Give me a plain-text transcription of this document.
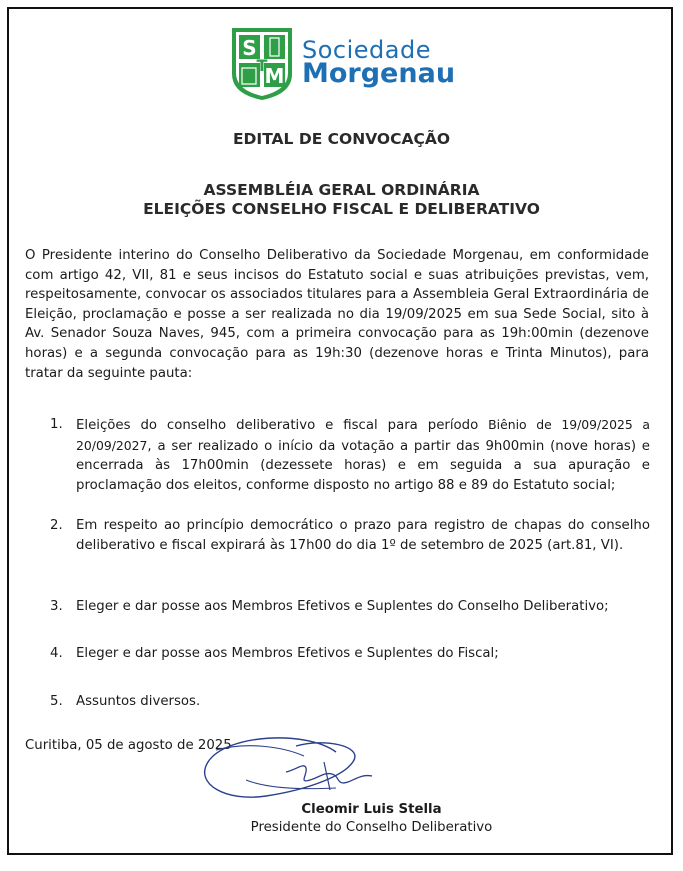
S
T
M
Sociedade
Morgenau
EDITAL DE CONVOCAÇÃO
ASSEMBLÉIA GERAL ORDINÁRIA
ELEIÇÕES CONSELHO FISCAL E DELIBERATIVO

O Presidente interino do Conselho Deliberativo da Sociedade Morgenau, em conformidade com artigo 42, VII, 81 e seus incisos do Estatuto social e suas atribuições previstas, vem, respeitosamente, convocar os associados titulares para a Assembleia Geral Extraordinária de Eleição, proclamação e posse a ser realizada no dia 19/09/2025 em sua Sede Social, sito à Av. Senador Souza Naves, 945, com a primeira convocação para as 19h:00min (dezenove horas) e a segunda convocação para as 19h:30 (dezenove horas e Trinta Minutos), para tratar da seguinte pauta:

1.	Eleições do conselho deliberativo e fiscal para período Biênio de 19/09/2025 a 20/09/2027, a ser realizado o início da votação a partir das 9h00min (nove horas) e encerrada às 17h00min (dezessete horas) e em seguida a sua apuração e proclamação dos eleitos, conforme disposto no artigo 88 e 89 do Estatuto social;
2.	Em respeito ao princípio democrático o prazo para registro de chapas do conselho deliberativo e fiscal expirará às 17h00 do dia 1º de setembro de 2025 (art.81, VI).
3.	Eleger e dar posse aos Membros Efetivos e Suplentes do Conselho Deliberativo;
4.	Eleger e dar posse aos Membros Efetivos e Suplentes do Fiscal;
5.	Assuntos diversos.
Curitiba, 05 de agosto de 2025
Cleomir Luis Stella
Presidente do Conselho Deliberativo
